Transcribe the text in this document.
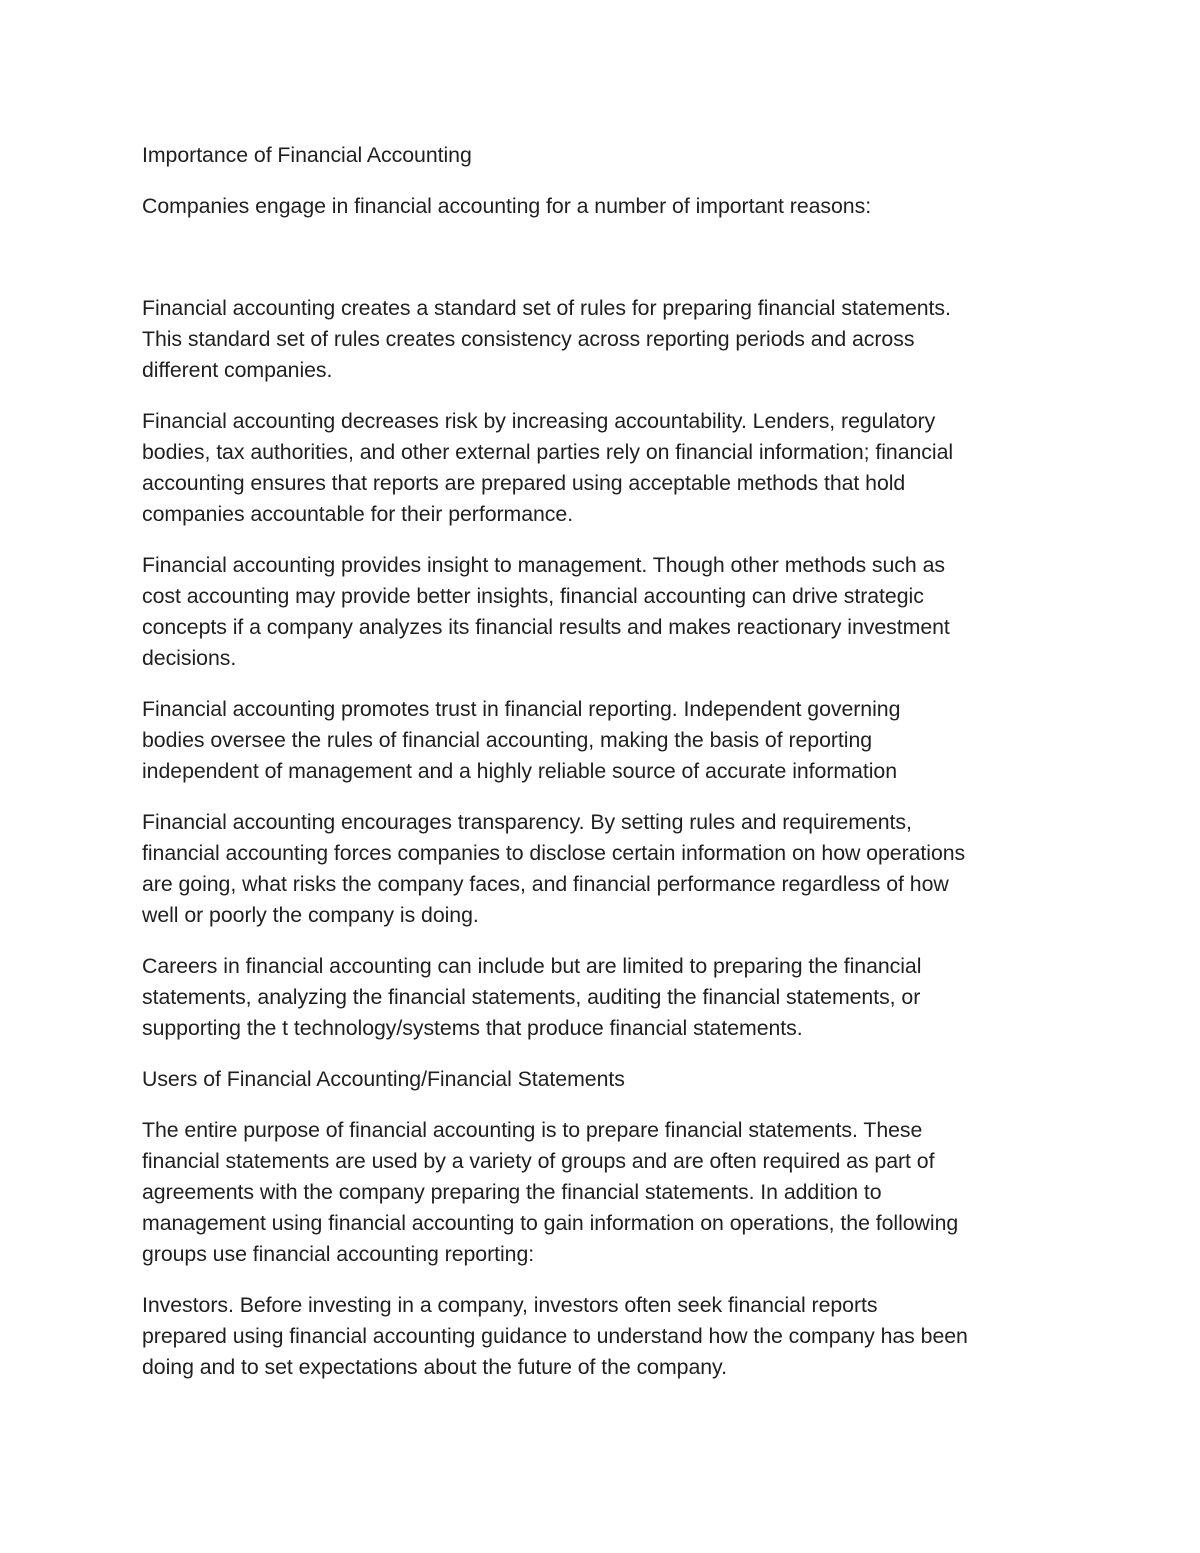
Importance of Financial Accounting

Companies engage in financial accounting for a number of important reasons:

Financial accounting creates a standard set of rules for preparing financial statements.
This standard set of rules creates consistency across reporting periods and across
different companies.

Financial accounting decreases risk by increasing accountability. Lenders, regulatory
bodies, tax authorities, and other external parties rely on financial information; financial
accounting ensures that reports are prepared using acceptable methods that hold
companies accountable for their performance.

Financial accounting provides insight to management. Though other methods such as
cost accounting may provide better insights, financial accounting can drive strategic
concepts if a company analyzes its financial results and makes reactionary investment
decisions.

Financial accounting promotes trust in financial reporting. Independent governing
bodies oversee the rules of financial accounting, making the basis of reporting
independent of management and a highly reliable source of accurate information

Financial accounting encourages transparency. By setting rules and requirements,
financial accounting forces companies to disclose certain information on how operations
are going, what risks the company faces, and financial performance regardless of how
well or poorly the company is doing.

Careers in financial accounting can include but are limited to preparing the financial
statements, analyzing the financial statements, auditing the financial statements, or
supporting the t technology/systems that produce financial statements.

Users of Financial Accounting/Financial Statements

The entire purpose of financial accounting is to prepare financial statements. These
financial statements are used by a variety of groups and are often required as part of
agreements with the company preparing the financial statements. In addition to
management using financial accounting to gain information on operations, the following
groups use financial accounting reporting:

Investors. Before investing in a company, investors often seek financial reports
prepared using financial accounting guidance to understand how the company has been
doing and to set expectations about the future of the company.
